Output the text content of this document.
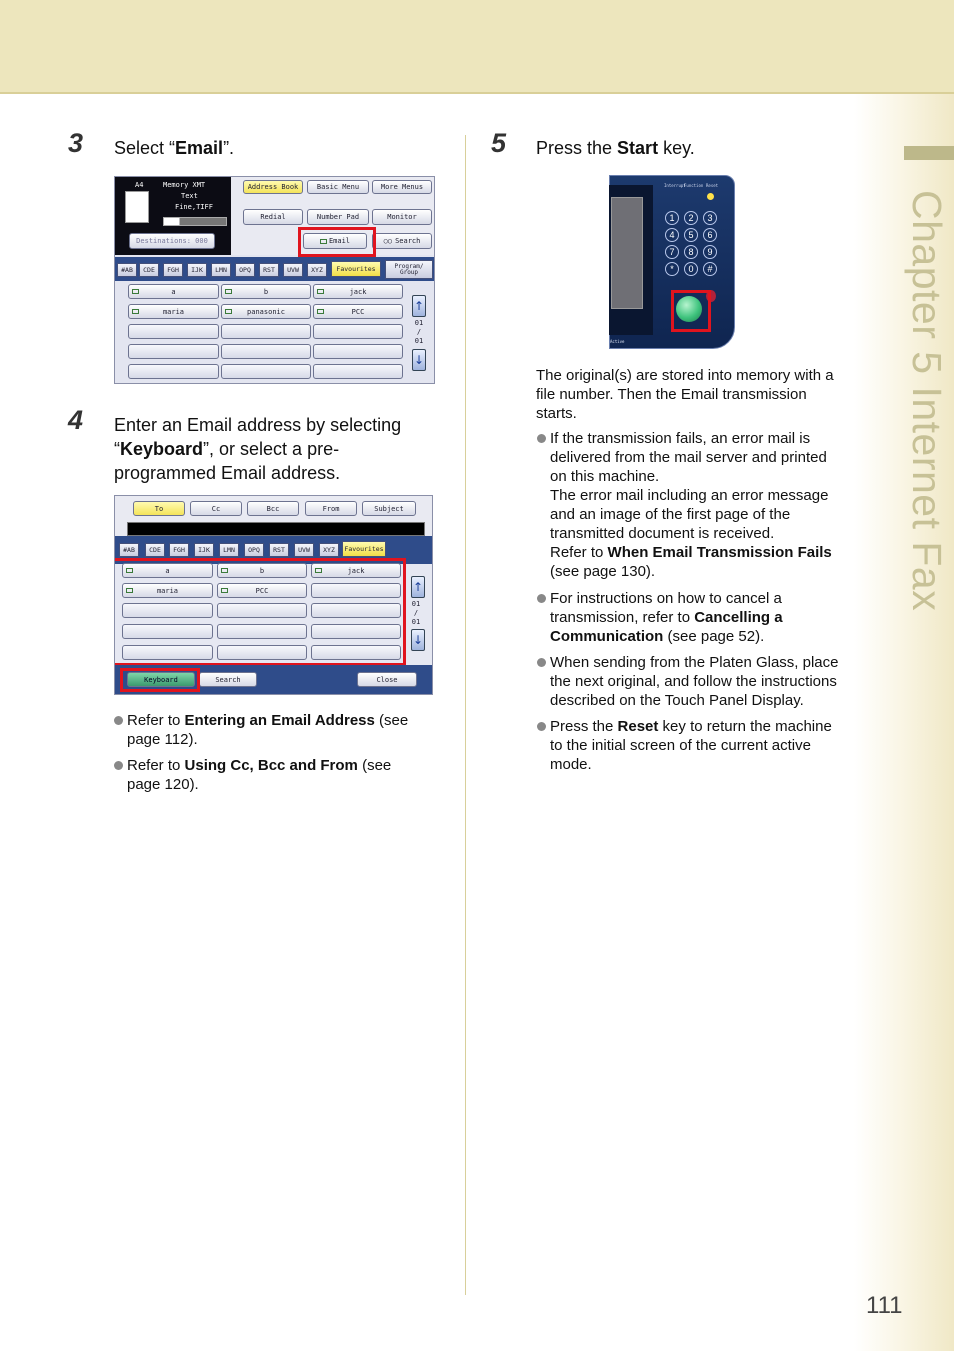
Chapter 5 Internet Fax
111
3 Select “Email”.
A4	Memory XMT
Text
Fine,TIFF
Destinations: 000
Address Book	Basic Menu	More Menus
Redial	Number Pad	Monitor
Email	○○ Search
#AB	CDE	FGH	IJK	LMN	OPQ	RST	UVW	XYZ	Favourites	Program/ Group
a	b	jack
maria	panasonic	PCC	↑
01
/
01
↓
4 Enter an Email address by selecting
“Keyboard”, or select a pre-
programmed Email address.
To	Cc	Bcc	From	Subject
#AB	CDE	FGH	IJK	LMN	OPQ	RST	UVW	XYZ	Favourites
a	b	jack
maria	PCC	↑
01
/
01
↓
Keyboard	Search	Close
Refer to Entering an Email Address (see
page 112).
Refer to Using Cc, Bcc and From (see
page 120).
5 Press the Start key.
Interrupt
Function Reset
1	2	3
4	5	6
7	8	9
*	0	#
Active
The original(s) are stored into memory with a
file number. Then the Email transmission
starts.
If the transmission fails, an error mail is
delivered from the mail server and printed
on this machine.
The error mail including an error message
and an image of the first page of the
transmitted document is received.
Refer to When Email Transmission Fails
(see page 130).
For instructions on how to cancel a
transmission, refer to Cancelling a
Communication (see page 52).
When sending from the Platen Glass, place
the next original, and follow the instructions
described on the Touch Panel Display.
Press the Reset key to return the machine
to the initial screen of the current active
mode.
